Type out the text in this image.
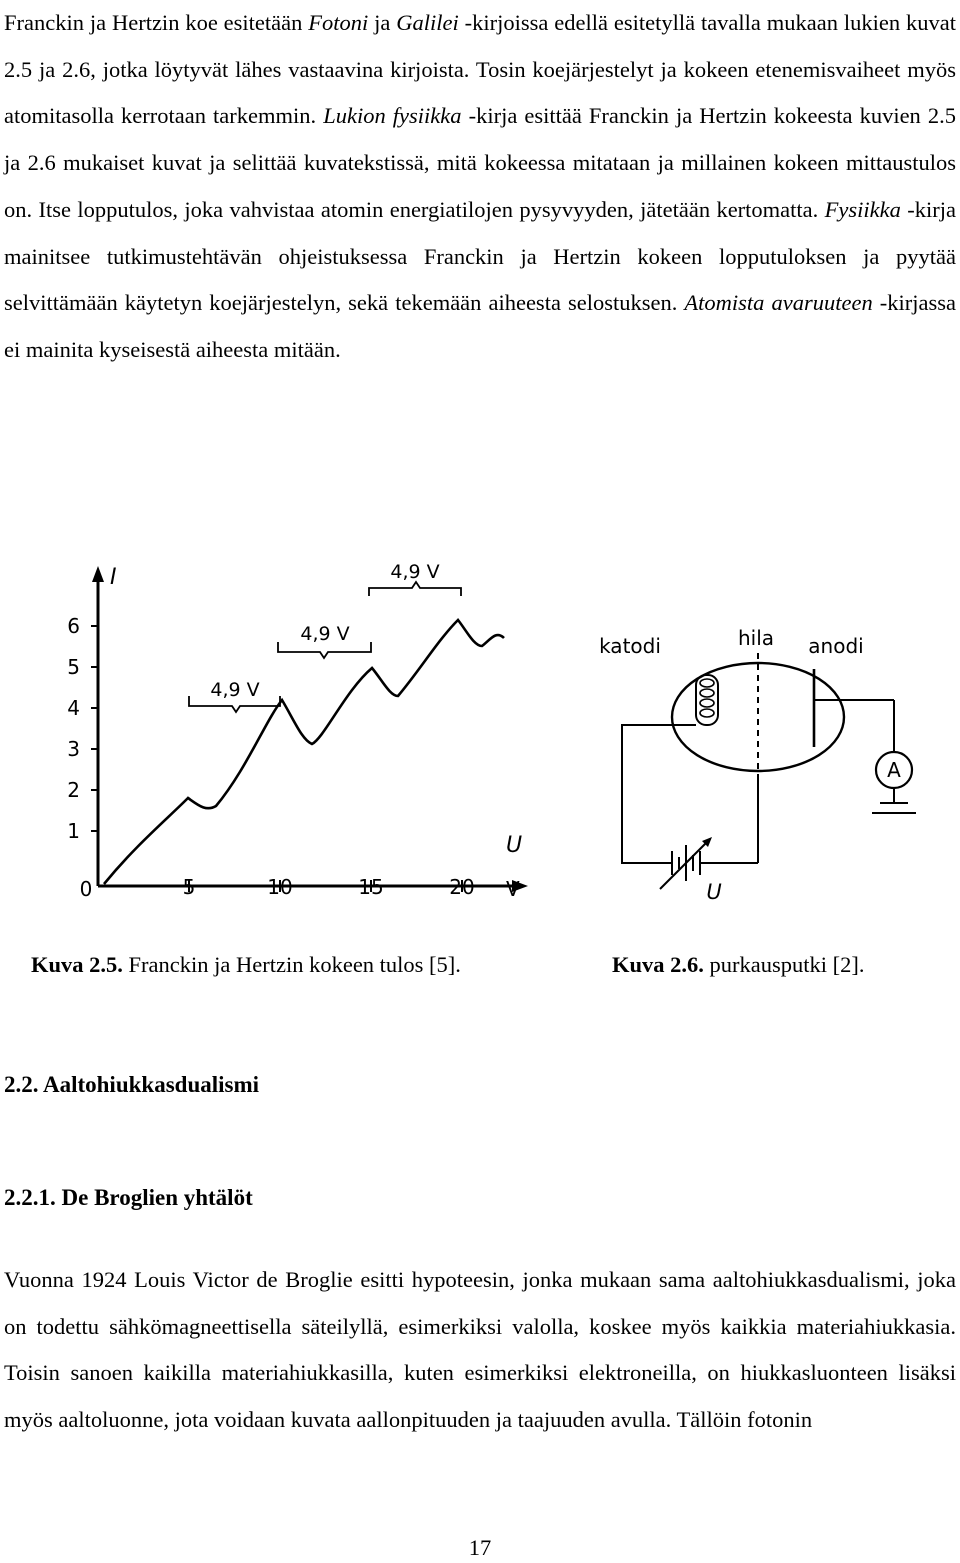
Franckin ja Hertzin koe esitetään Fotoni ja Galilei -kirjoissa edellä esitetyllä tavalla mukaan lukien kuvat 2.5 ja 2.6, jotka löytyvät lähes vastaavina kirjoista. Tosin koejärjestelyt ja kokeen etenemisvaiheet myös atomitasolla kerrotaan tarkemmin. Lukion fysiikka -kirja esittää Franckin ja Hertzin kokeesta kuvien 2.5 ja 2.6 mukaiset kuvat ja selittää kuvatekstissä, mitä kokeessa mitataan ja millainen kokeen mittaustulos on. Itse lopputulos, joka vahvistaa atomin energiatilojen pysyvyyden, jätetään kertomatta. Fysiikka -kirja mainitsee tutkimustehtävän ohjeistuksessa Franckin ja Hertzin kokeen lopputuloksen ja pyytää selvittämään käytetyn koejärjestelyn, sekä tekemään aiheesta selostuksen. Atomista avaruuteen -kirjassa ei mainita kyseisestä aiheesta mitään.

1
2
3
4
5
6
0	5	10	15	20
I
U
V
4,9 V
4,9 V
4,9 V
katodi	hila anodi
A
U
Kuva 2.5. Franckin ja Hertzin kokeen tulos [5].	Kuva 2.6. purkausputki [2].
2.2. Aaltohiukkasdualismi
2.2.1. De Broglien yhtälöt

Vuonna 1924 Louis Victor de Broglie esitti hypoteesin, jonka mukaan sama aaltohiukkasdualismi, joka on todettu sähkömagneettisella säteilyllä, esimerkiksi valolla, koskee myös kaikkia materiahiukkasia. Toisin sanoen kaikilla materiahiukkasilla, kuten esimerkiksi elektroneilla, on hiukkasluonteen lisäksi myös aaltoluonne, jota voidaan kuvata aallonpituuden ja taajuuden avulla. Tällöin fotonin

17
